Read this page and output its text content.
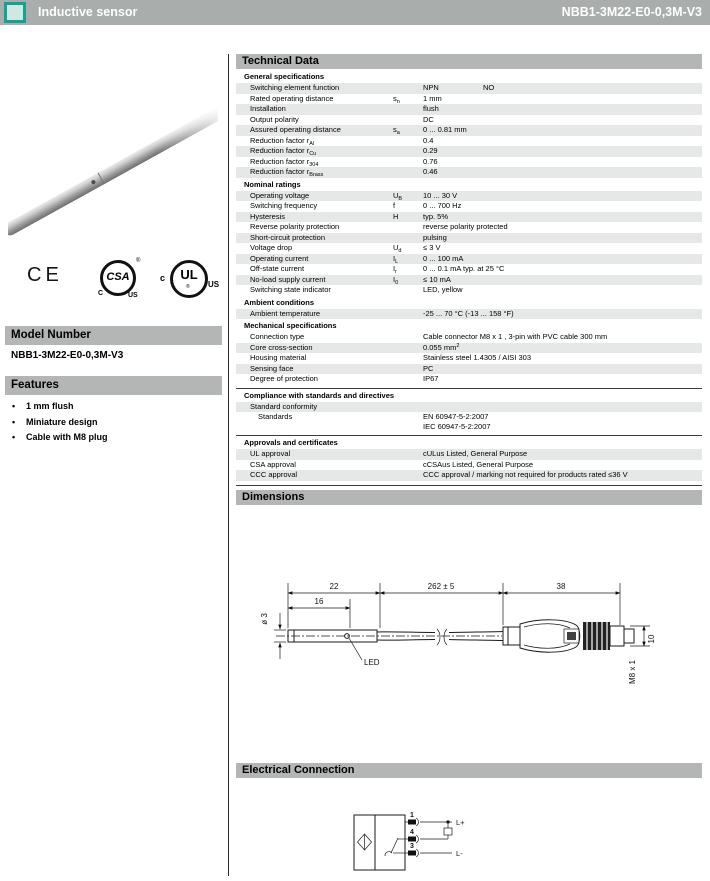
Inductive sensor	NBB1-3M22-E0-0,3M-V3
CE	CSA
®
C	US
UL
®
c
US
Model Number
NBB1-3M22-E0-0,3M-V3
Features
•	1 mm flush
•	Miniature design
•	Cable with M8 plug
Technical Data
General specifications
Switching element function	NPN	NO
Rated operating distance	$s_n$	1 mm
Installation	flush
Output polarity	DC
Assured operating distance	$s_a$	0 ... 0.81 mm
Reduction factor $r_{Al}$	0.4
Reduction factor $r_{Cu}$	0.29
Reduction factor $r_{304}$	0.76
Reduction factor $r_{Brass}$	0.46
Nominal ratings
Operating voltage	$U_B$	10 ... 30 V
Switching frequency	f	0 ... 700 Hz
Hysteresis	H	typ. 5%
Reverse polarity protection	reverse polarity protected
Short-circuit protection	pulsing
Voltage drop	$U_d$	≤ 3 V
Operating current	$I_L$	0 ... 100 mA
Off-state current	$I_r$	0 ... 0.1 mA typ. at 25 °C
No-load supply current	$I_0$	≤ 10 mA
Switching state indicator	LED, yellow
Ambient conditions
Ambient temperature	-25 ... 70 °C (-13 ... 158 °F)
Mechanical specifications
Connection type	Cable connector M8 x 1 , 3-pin with PVC cable 300 mm
Core cross-section	0.055 $mm^2$
Housing material	Stainless steel 1.4305 / AISI 303
Sensing face	PC
Degree of protection	IP67
Compliance with standards and directives
Standard conformity
Standards	EN 60947-5-2:2007
IEC 60947-5-2:2007
Approvals and certificates
UL approval	cULus Listed, General Purpose
CSA approval	cCSAus Listed, General Purpose
CCC approval	CCC approval / marking not required for products rated ≤36 V
Dimensions
22	262 ± 5	38
16
ø 3
LED
10
M8 x 1
Electrical Connection
1
4
3
L+
L-
